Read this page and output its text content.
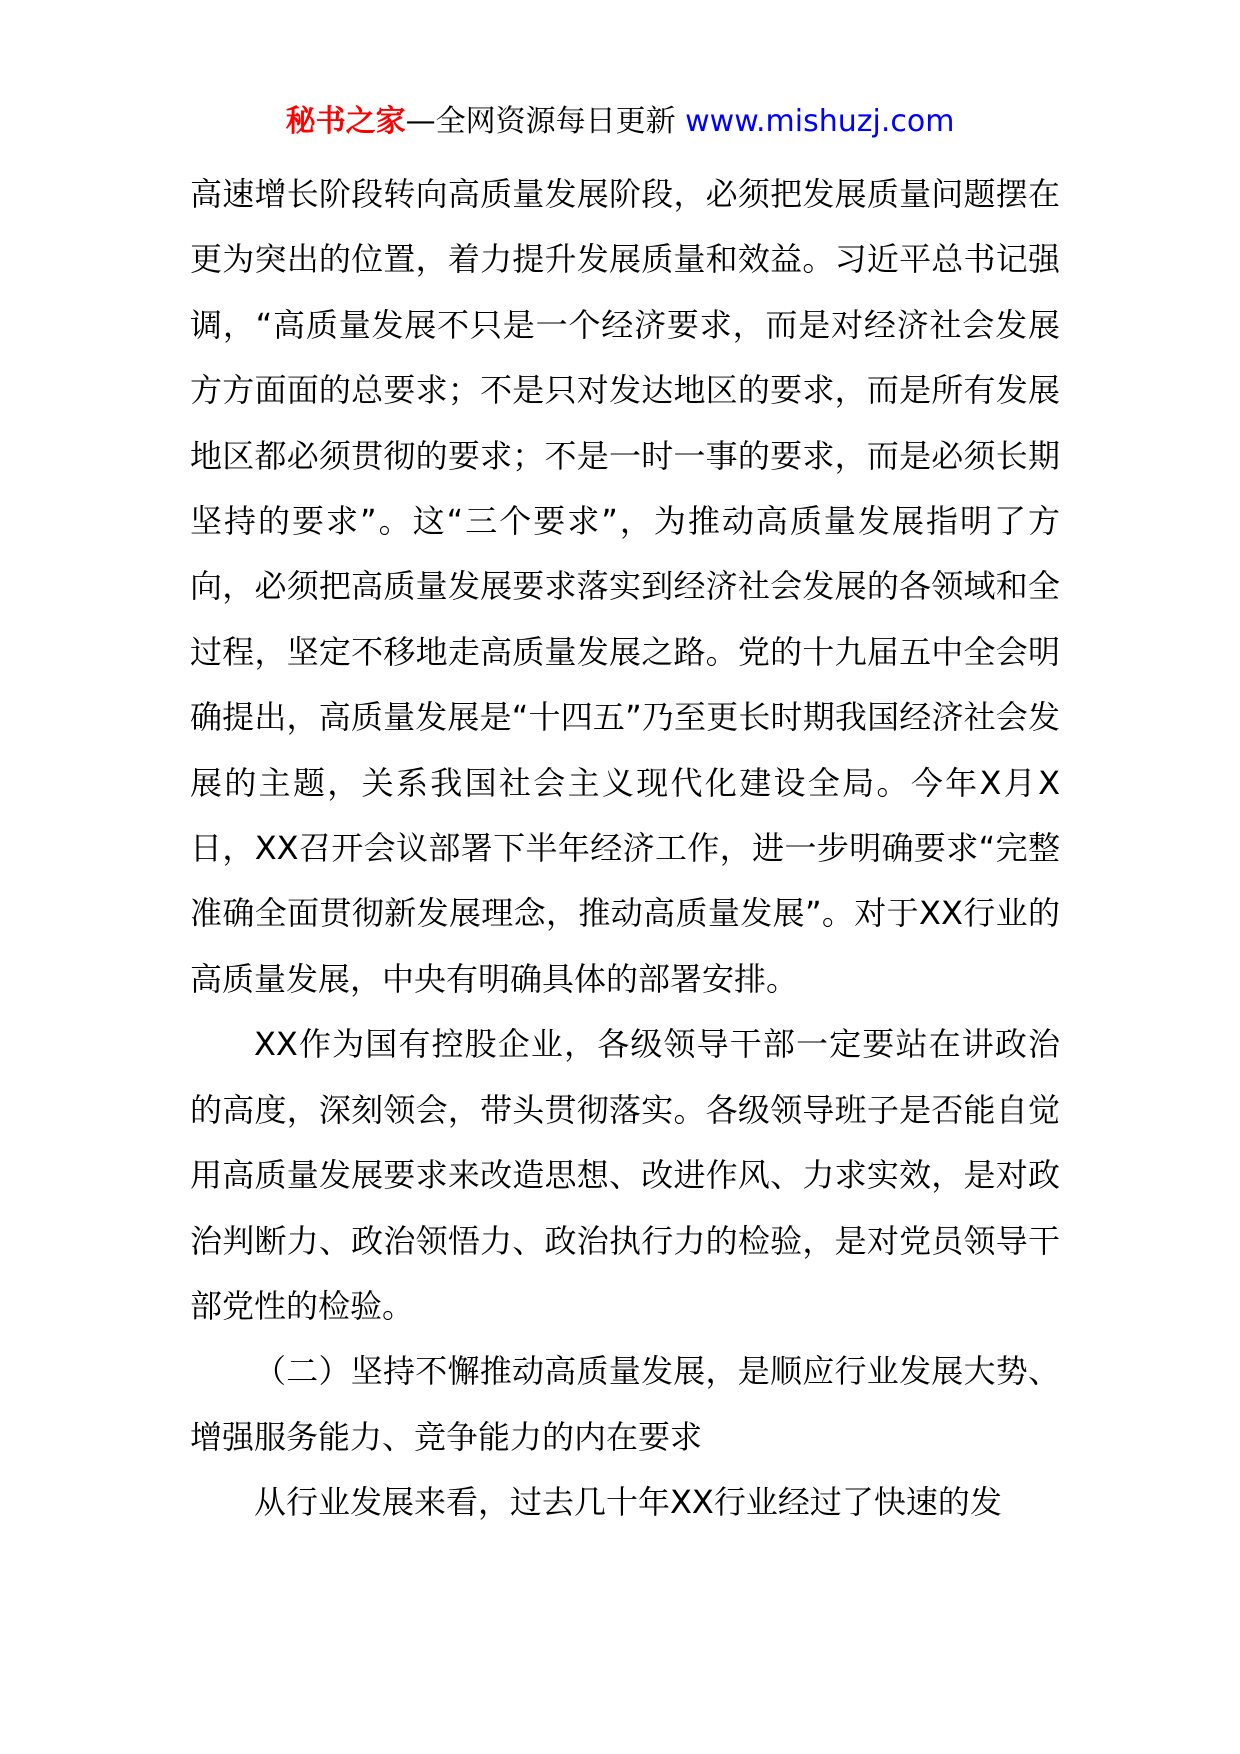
秘书之家—全网资源每日更新 www.mishuzj.com

高速增长阶段转向高质量发展阶段，必须把发展质量问题摆在更为突出的位置，着力提升发展质量和效益。习近平总书记强调，“高质量发展不只是一个经济要求，而是对经济社会发展方方面面的总要求；不是只对发达地区的要求，而是所有发展地区都必须贯彻的要求；不是一时一事的要求，而是必须长期坚持的要求”。这“三个要求”，为推动高质量发展指明了方向，必须把高质量发展要求落实到经济社会发展的各领域和全过程，坚定不移地走高质量发展之路。党的十九届五中全会明确提出，高质量发展是“十四五”乃至更长时期我国经济社会发展的主题，关系我国社会主义现代化建设全局。今年X月X日，XX召开会议部署下半年经济工作，进一步明确要求“完整准确全面贯彻新发展理念，推动高质量发展”。对于XX行业的高质量发展，中央有明确具体的部署安排。

XX作为国有控股企业，各级领导干部一定要站在讲政治的高度，深刻领会，带头贯彻落实。各级领导班子是否能自觉用高质量发展要求来改造思想、改进作风、力求实效，是对政治判断力、政治领悟力、政治执行力的检验，是对党员领导干部党性的检验。

（二）坚持不懈推动高质量发展，是顺应行业发展大势、增强服务能力、竞争能力的内在要求

从行业发展来看，过去几十年XX行业经过了快速的发
